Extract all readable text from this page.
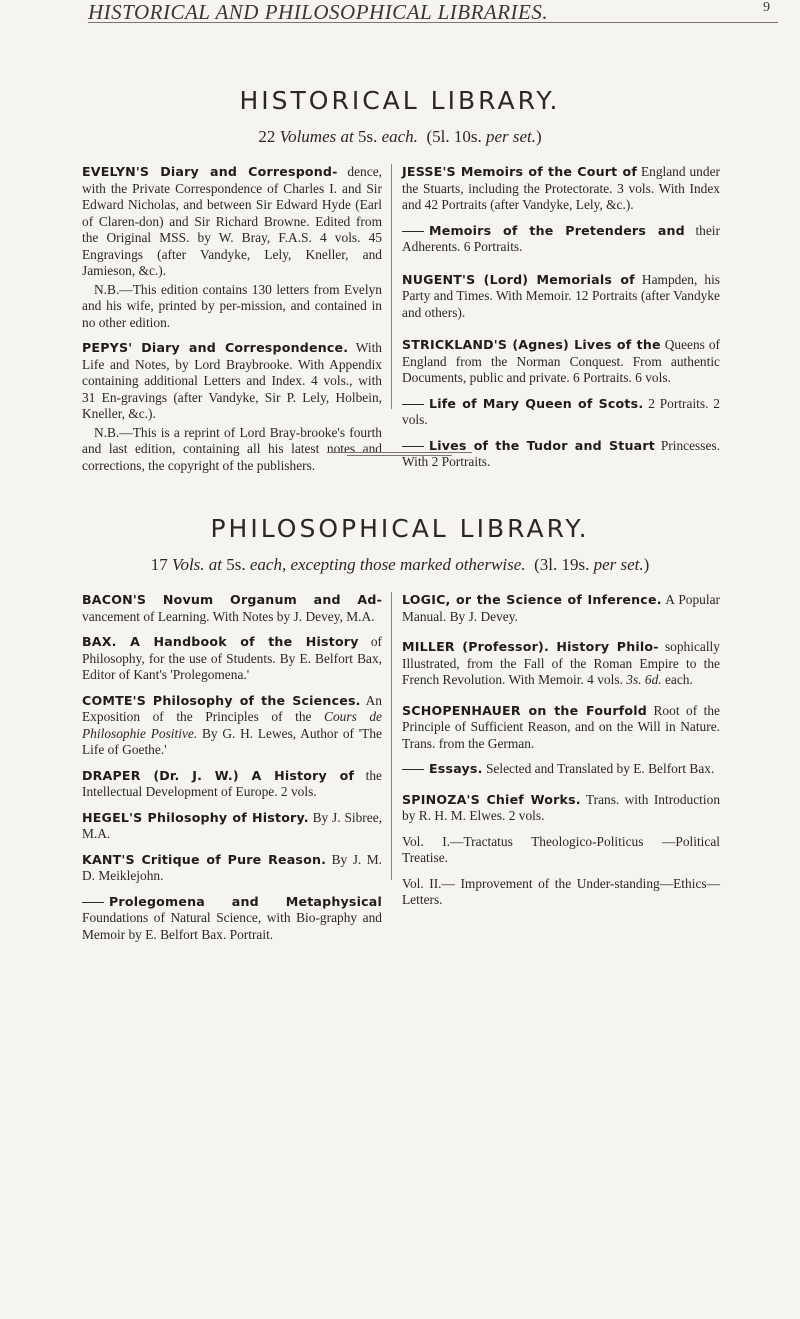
HISTORICAL AND PHILOSOPHICAL LIBRARIES.	9
HISTORICAL LIBRARY.
22 Volumes at 5s. each. (5l. 10s. per set.)

EVELYN'S Diary and Correspond- dence, with the Private Correspondence of Charles I. and Sir Edward Nicholas, and between Sir Edward Hyde (Earl of Claren-don) and Sir Richard Browne. Edited from the Original MSS. by W. Bray, F.A.S. 4 vols. 45 Engravings (after Vandyke, Lely, Kneller, and Jamieson, &c.).

N.B.—This edition contains 130 letters from Evelyn and his wife, printed by per-mission, and contained in no other edition.

PEPYS' Diary and Correspondence. With Life and Notes, by Lord Braybrooke. With Appendix containing additional Letters and Index. 4 vols., with 31 En-gravings (after Vandyke, Sir P. Lely, Holbein, Kneller, &c.).

N.B.—This is a reprint of Lord Bray-brooke's fourth and last edition, containing all his latest notes and corrections, the copyright of the publishers.

JESSE'S Memoirs of the Court of England under the Stuarts, including the Protectorate. 3 vols. With Index and 42 Portraits (after Vandyke, Lely, &c.).

Memoirs of the Pretenders and their Adherents. 6 Portraits.

NUGENT'S (Lord) Memorials of Hampden, his Party and Times. With Memoir. 12 Portraits (after Vandyke and others).

STRICKLAND'S (Agnes) Lives of the Queens of England from the Norman Conquest. From authentic Documents, public and private. 6 Portraits. 6 vols.

Life of Mary Queen of Scots. 2 Portraits. 2 vols.

Lives of the Tudor and Stuart Princesses. With 2 Portraits.

PHILOSOPHICAL LIBRARY.
17 Vols. at 5s. each, excepting those marked otherwise. (3l. 19s. per set.)

BACON'S Novum Organum and Ad- vancement of Learning. With Notes by J. Devey, M.A.

BAX. A Handbook of the History of Philosophy, for the use of Students. By E. Belfort Bax, Editor of Kant's 'Prolegomena.'

COMTE'S Philosophy of the Sciences. An Exposition of the Principles of the Cours de Philosophie Positive. By G. H. Lewes, Author of 'The Life of Goethe.'

DRAPER (Dr. J. W.) A History of the Intellectual Development of Europe. 2 vols.

HEGEL'S Philosophy of History. By J. Sibree, M.A.

KANT'S Critique of Pure Reason. By J. M. D. Meiklejohn.

Prolegomena and Metaphysical Foundations of Natural Science, with Bio-graphy and Memoir by E. Belfort Bax. Portrait.

LOGIC, or the Science of Inference. A Popular Manual. By J. Devey.

MILLER (Professor). History Philo- sophically Illustrated, from the Fall of the Roman Empire to the French Revolution. With Memoir. 4 vols. 3s. 6d. each.

SCHOPENHAUER on the Fourfold Root of the Principle of Sufficient Reason, and on the Will in Nature. Trans. from the German.

Essays. Selected and Translated by E. Belfort Bax.

SPINOZA'S Chief Works. Trans. with Introduction by R. H. M. Elwes. 2 vols.

Vol. I.—Tractatus Theologico-Politicus —Political Treatise.

Vol. II.— Improvement of the Under-standing—Ethics—Letters.
